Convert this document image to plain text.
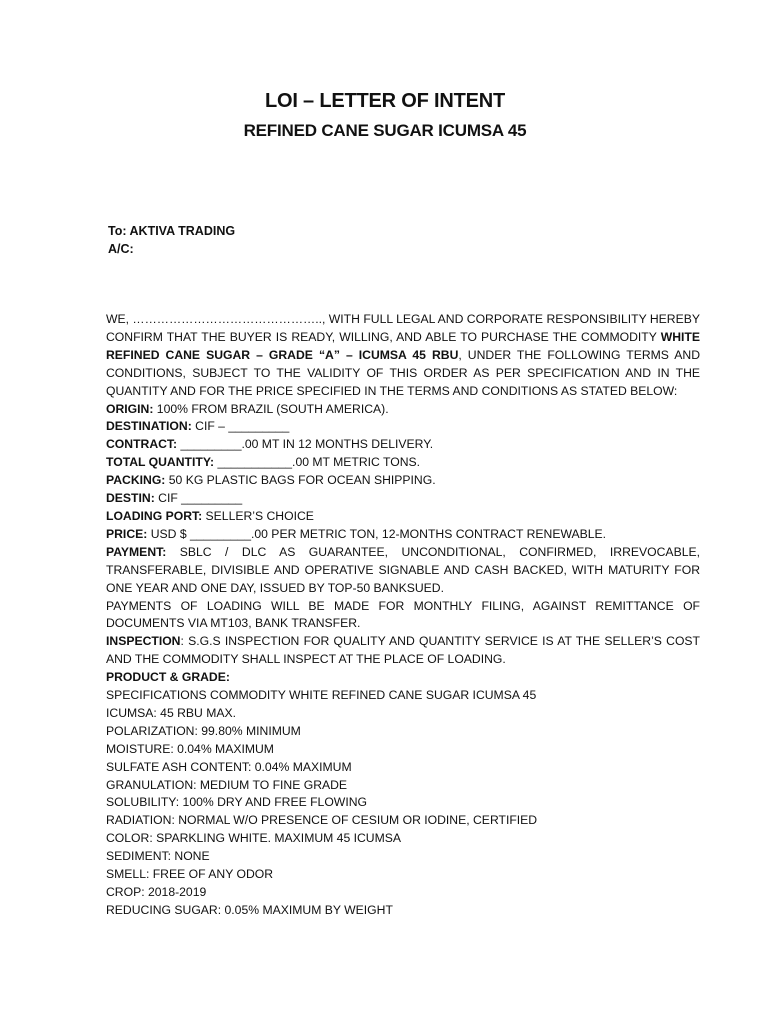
LOI – LETTER OF INTENT
REFINED CANE SUGAR ICUMSA 45
To: AKTIVA TRADING
A/C:

WE, ……………………………………….., WITH FULL LEGAL AND CORPORATE RESPONSIBILITY HEREBY CONFIRM THAT THE BUYER IS READY, WILLING, AND ABLE TO PURCHASE THE COMMODITY WHITE REFINED CANE SUGAR – GRADE “A” – ICUMSA 45 RBU, UNDER THE FOLLOWING TERMS AND CONDITIONS, SUBJECT TO THE VALIDITY OF THIS ORDER AS PER SPECIFICATION AND IN THE QUANTITY AND FOR THE PRICE SPECIFIED IN THE TERMS AND CONDITIONS AS STATED BELOW:

ORIGIN: 100% FROM BRAZIL (SOUTH AMERICA).

DESTINATION: CIF – _________

CONTRACT: _________.00 MT IN 12 MONTHS DELIVERY.

TOTAL QUANTITY: ___________.00 MT METRIC TONS.

PACKING: 50 KG PLASTIC BAGS FOR OCEAN SHIPPING.

DESTIN: CIF _________

LOADING PORT: SELLER’S CHOICE

PRICE: USD $ _________.00 PER METRIC TON, 12-MONTHS CONTRACT RENEWABLE.

PAYMENT: SBLC / DLC AS GUARANTEE, UNCONDITIONAL, CONFIRMED, IRREVOCABLE, TRANSFERABLE, DIVISIBLE AND OPERATIVE SIGNABLE AND CASH BACKED, WITH MATURITY FOR ONE YEAR AND ONE DAY, ISSUED BY TOP-50 BANKSUED.

PAYMENTS OF LOADING WILL BE MADE FOR MONTHLY FILING, AGAINST REMITTANCE OF DOCUMENTS VIA MT103, BANK TRANSFER.

INSPECTION: S.G.S INSPECTION FOR QUALITY AND QUANTITY SERVICE IS AT THE SELLER’S COST AND THE COMMODITY SHALL INSPECT AT THE PLACE OF LOADING.

PRODUCT & GRADE:

SPECIFICATIONS COMMODITY WHITE REFINED CANE SUGAR ICUMSA 45

ICUMSA: 45 RBU MAX.

POLARIZATION: 99.80% MINIMUM

MOISTURE: 0.04% MAXIMUM

SULFATE ASH CONTENT: 0.04% MAXIMUM

GRANULATION: MEDIUM TO FINE GRADE

SOLUBILITY: 100% DRY AND FREE FLOWING

RADIATION: NORMAL W/O PRESENCE OF CESIUM OR IODINE, CERTIFIED

COLOR: SPARKLING WHITE. MAXIMUM 45 ICUMSA

SEDIMENT: NONE

SMELL: FREE OF ANY ODOR

CROP: 2018-2019

REDUCING SUGAR: 0.05% MAXIMUM BY WEIGHT
